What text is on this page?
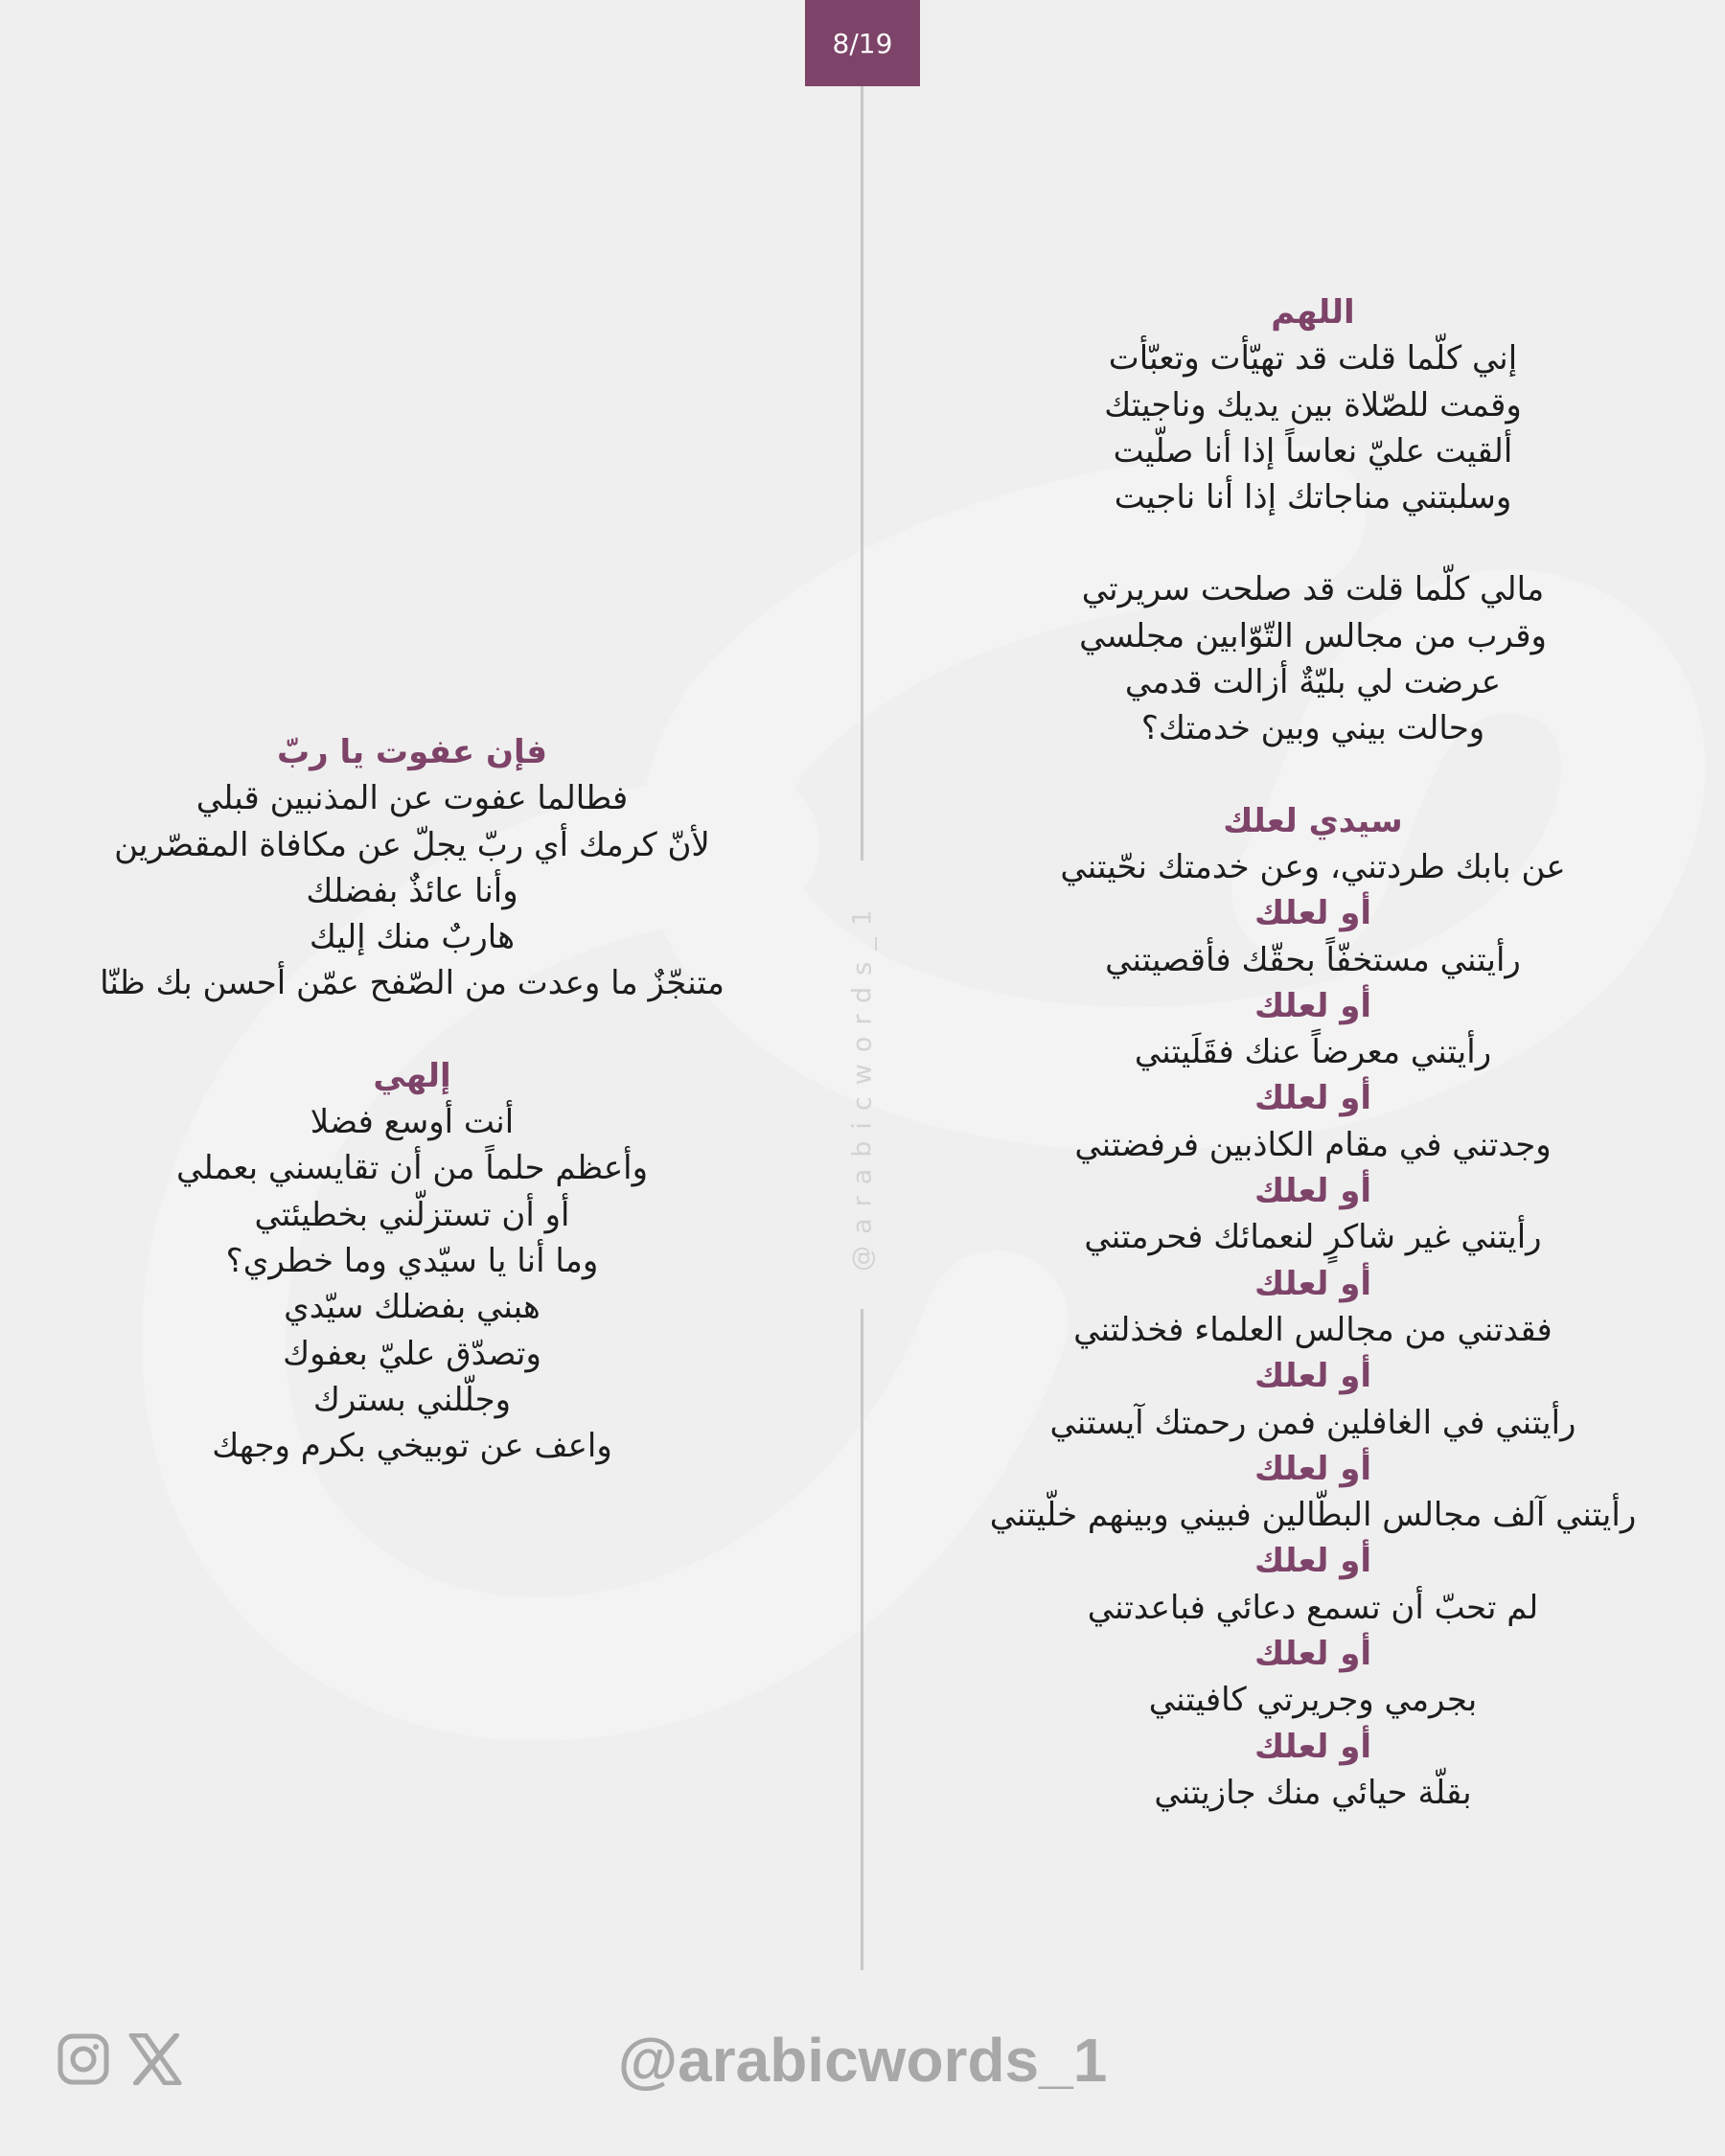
8/19
@arabicwords_1

اللهم

إني كلّما قلت قد تهيّأت وتعبّأت

وقمت للصّلاة بين يديك وناجيتك

ألقيت عليّ نعاساً إذا أنا صلّيت

وسلبتني مناجاتك إذا أنا ناجيت

مالي كلّما قلت قد صلحت سريرتي

وقرب من مجالس التّوّابين مجلسي

عرضت لي بليّةٌ أزالت قدمي

وحالت بيني وبين خدمتك؟

سيدي لعلك

عن بابك طردتني، وعن خدمتك نحّيتني

أو لعلك

رأيتني مستخفّاً بحقّك فأقصيتني

أو لعلك

رأيتني معرضاً عنك فقَلَيتني

أو لعلك

وجدتني في مقام الكاذبين فرفضتني

أو لعلك

رأيتني غير شاكرٍ لنعمائك فحرمتني

أو لعلك

فقدتني من مجالس العلماء فخذلتني

أو لعلك

رأيتني في الغافلين فمن رحمتك آيستني

أو لعلك

رأيتني آلف مجالس البطّالين فبيني وبينهم خلّيتني

أو لعلك

لم تحبّ أن تسمع دعائي فباعدتني

أو لعلك

بجرمي وجريرتي كافيتني

أو لعلك

بقلّة حيائي منك جازيتني

فإن عفوت يا ربّ

فطالما عفوت عن المذنبين قبلي

لأنّ كرمك أي ربّ يجلّ عن مكافاة المقصّرين

وأنا عائذٌ بفضلك

هاربٌ منك إليك

متنجّزٌ ما وعدت من الصّفح عمّن أحسن بك ظنّا

إلهي

أنت أوسع فضلا

وأعظم حلماً من أن تقايسني بعملي

أو أن تستزلّني بخطيئتي

وما أنا يا سيّدي وما خطري؟

هبني بفضلك سيّدي

وتصدّق عليّ بعفوك

وجلّلني بسترك

واعف عن توبيخي بكرم وجهك

@arabicwords_1
